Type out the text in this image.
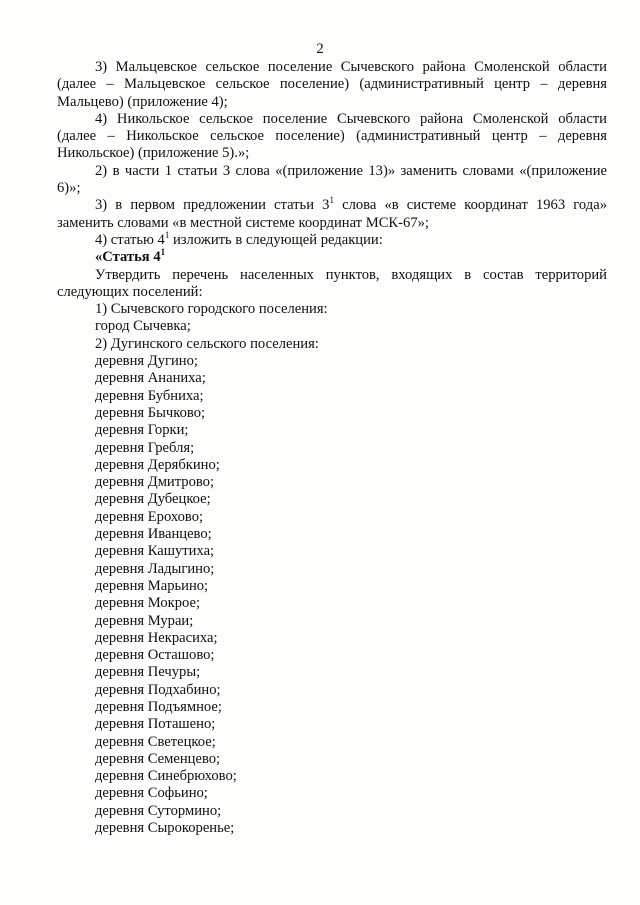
2

3) Мальцевское сельское поселение Сычевского района Смоленской области (далее – Мальцевское сельское поселение) (административный центр – деревня Мальцево) (приложение 4);

4) Никольское сельское поселение Сычевского района Смоленской области (далее – Никольское сельское поселение) (административный центр – деревня Никольское) (приложение 5).»;

2) в части 1 статьи 3 слова «(приложение 13)» заменить словами «(приложение 6)»;

3) в первом предложении статьи $3^1$ слова «в системе координат 1963 года» заменить словами «в местной системе координат МСК-67»;

4) статью $4^1$ изложить в следующей редакции:

«Статья $4^1$

Утвердить перечень населенных пунктов, входящих в состав территорий следующих поселений:

1) Сычевского городского поселения:

город Сычевка;

2) Дугинского сельского поселения:

деревня Дугино;

деревня Ананиха;

деревня Бубниха;

деревня Бычково;

деревня Горки;

деревня Гребля;

деревня Дерябкино;

деревня Дмитрово;

деревня Дубецкое;

деревня Ерохово;

деревня Иванцево;

деревня Кашутиха;

деревня Ладыгино;

деревня Марьино;

деревня Мокрое;

деревня Мураи;

деревня Некрасиха;

деревня Осташово;

деревня Печуры;

деревня Подхабино;

деревня Подъямное;

деревня Поташено;

деревня Светецкое;

деревня Семенцево;

деревня Синебрюхово;

деревня Софьино;

деревня Сутормино;

деревня Сырокоренье;
